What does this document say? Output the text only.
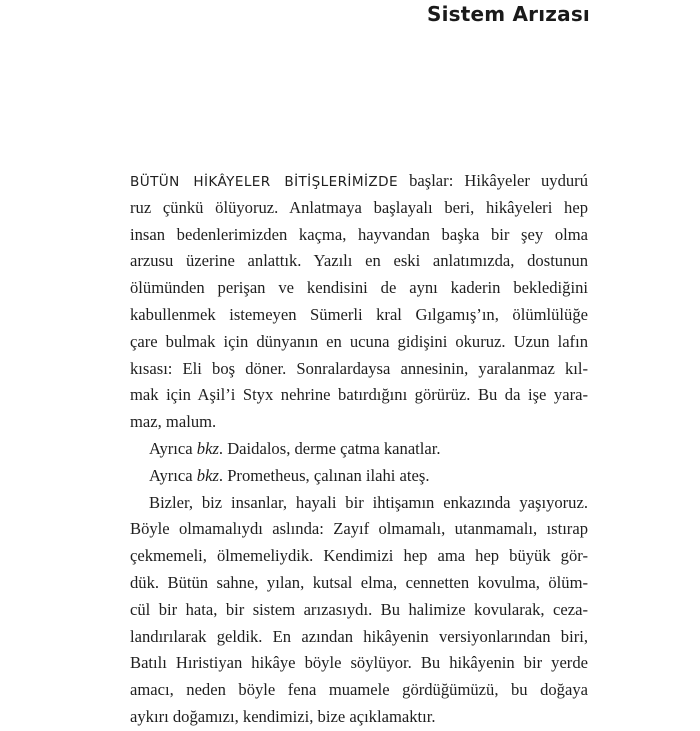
Sistem Arızası
BÜTÜN HİKÂYELER BİTİŞLERİMİZDE başlar: Hikâyeler uydurú
ruz çünkü ölüyoruz. Anlatmaya başlayalı beri, hikâyeleri hep
insan bedenlerimizden kaçma, hayvandan başka bir şey olma
arzusu üzerine anlattık. Yazılı en eski anlatımızda, dostunun
ölümünden perişan ve kendisini de aynı kaderin beklediğini
kabullenmek istemeyen Sümerli kral Gılgamış’ın, ölümlülüğe
çare bulmak için dünyanın en ucuna gidişini okuruz. Uzun lafın
kısası: Eli boş döner. Sonralardaysa annesinin, yaralanmaz kıl-
mak için Aşil’i Styx nehrine batırdığını görürüz. Bu da işe yara-
maz, malum.
Ayrıca bkz. Daidalos, derme çatma kanatlar.
Ayrıca bkz. Prometheus, çalınan ilahi ateş.
Bizler, biz insanlar, hayali bir ihtişamın enkazında yaşıyoruz.
Böyle olmamalıydı aslında: Zayıf olmamalı, utanmamalı, ıstırap
çekmemeli, ölmemeliydik. Kendimizi hep ama hep büyük gör-
dük. Bütün sahne, yılan, kutsal elma, cennetten kovulma, ölüm-
cül bir hata, bir sistem arızasıydı. Bu halimize kovularak, ceza-
landırılarak geldik. En azından hikâyenin versiyonlarından biri,
Batılı Hıristiyan hikâye böyle söylüyor. Bu hikâyenin bir yerde
amacı, neden böyle fena muamele gördüğümüzü, bu doğaya
aykırı doğamızı, kendimizi, bize açıklamaktır.
